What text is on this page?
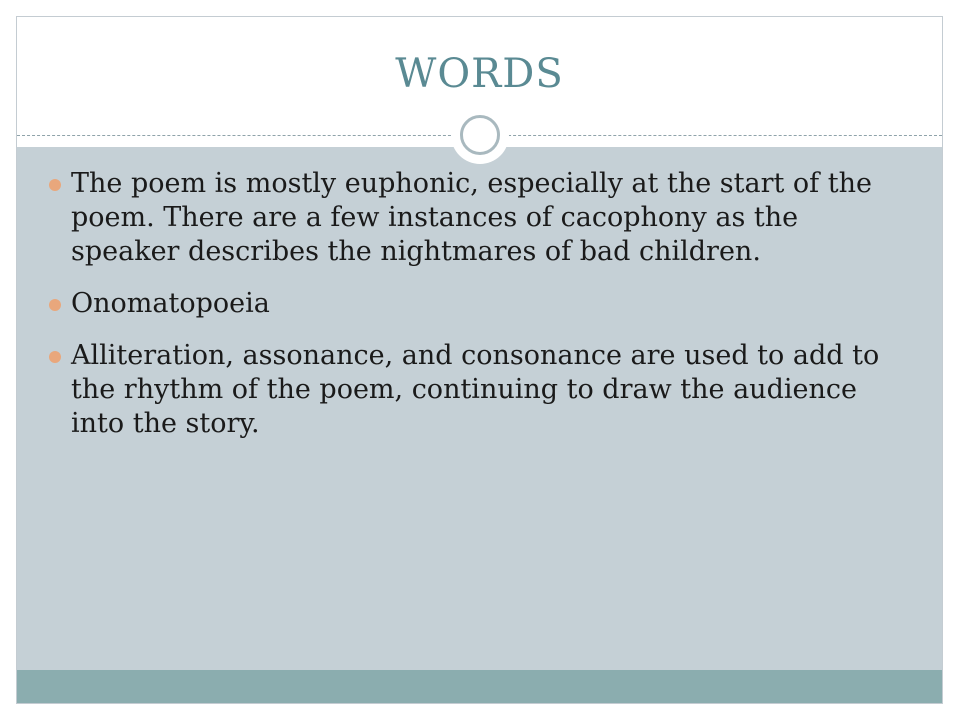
WORDS
The poem is mostly euphonic, especially at the start of the poem. There are a few instances of cacophony as the speaker describes the nightmares of bad children.
Onomatopoeia
Alliteration, assonance, and consonance are used to add to the rhythm of the poem, continuing to draw the audience into the story.
